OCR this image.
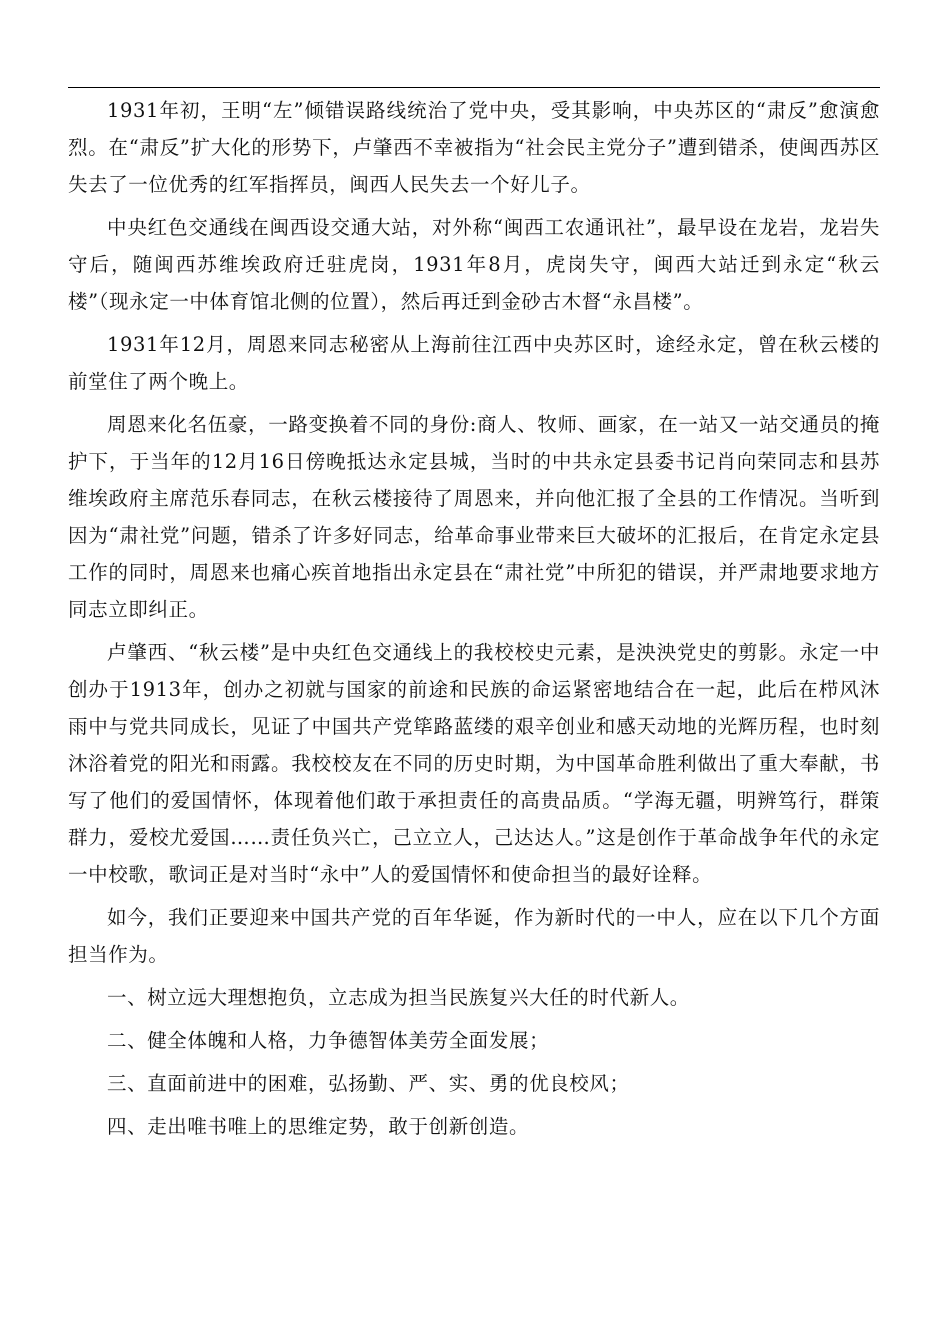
1931年初，王明“左”倾错误路线统治了党中央，受其影响，中央苏区的“肃反”愈演愈烈。在“肃反”扩大化的形势下，卢肇西不幸被指为“社会民主党分子”遭到错杀，使闽西苏区失去了一位优秀的红军指挥员，闽西人民失去一个好儿子。

中央红色交通线在闽西设交通大站，对外称“闽西工农通讯社”，最早设在龙岩，龙岩失守后，随闽西苏维埃政府迁驻虎岗，1931年8月，虎岗失守，闽西大站迁到永定“秋云楼”（现永定一中体育馆北侧的位置），然后再迁到金砂古木督“永昌楼”。

1931年12月，周恩来同志秘密从上海前往江西中央苏区时，途经永定，曾在秋云楼的前堂住了两个晚上。

周恩来化名伍豪，一路变换着不同的身份:商人、牧师、画家，在一站又一站交通员的掩护下，于当年的12月16日傍晚抵达永定县城，当时的中共永定县委书记肖向荣同志和县苏维埃政府主席范乐春同志，在秋云楼接待了周恩来，并向他汇报了全县的工作情况。当听到因为“肃社党”问题，错杀了许多好同志，给革命事业带来巨大破坏的汇报后，在肯定永定县工作的同时，周恩来也痛心疾首地指出永定县在“肃社党”中所犯的错误，并严肃地要求地方同志立即纠正。

卢肇西、“秋云楼”是中央红色交通线上的我校校史元素，是泱泱党史的剪影。永定一中创办于1913年，创办之初就与国家的前途和民族的命运紧密地结合在一起，此后在栉风沐雨中与党共同成长，见证了中国共产党筚路蓝缕的艰辛创业和感天动地的光辉历程，也时刻沐浴着党的阳光和雨露。我校校友在不同的历史时期，为中国革命胜利做出了重大奉献，书写了他们的爱国情怀，体现着他们敢于承担责任的高贵品质。“学海无疆，明辨笃行，群策群力，爱校尤爱国……责任负兴亡，己立立人，己达达人。”这是创作于革命战争年代的永定一中校歌，歌词正是对当时“永中”人的爱国情怀和使命担当的最好诠释。

如今，我们正要迎来中国共产党的百年华诞，作为新时代的一中人，应在以下几个方面担当作为。

一、树立远大理想抱负，立志成为担当民族复兴大任的时代新人。

二、健全体魄和人格，力争德智体美劳全面发展；

三、直面前进中的困难，弘扬勤、严、实、勇的优良校风；

四、走出唯书唯上的思维定势，敢于创新创造。
